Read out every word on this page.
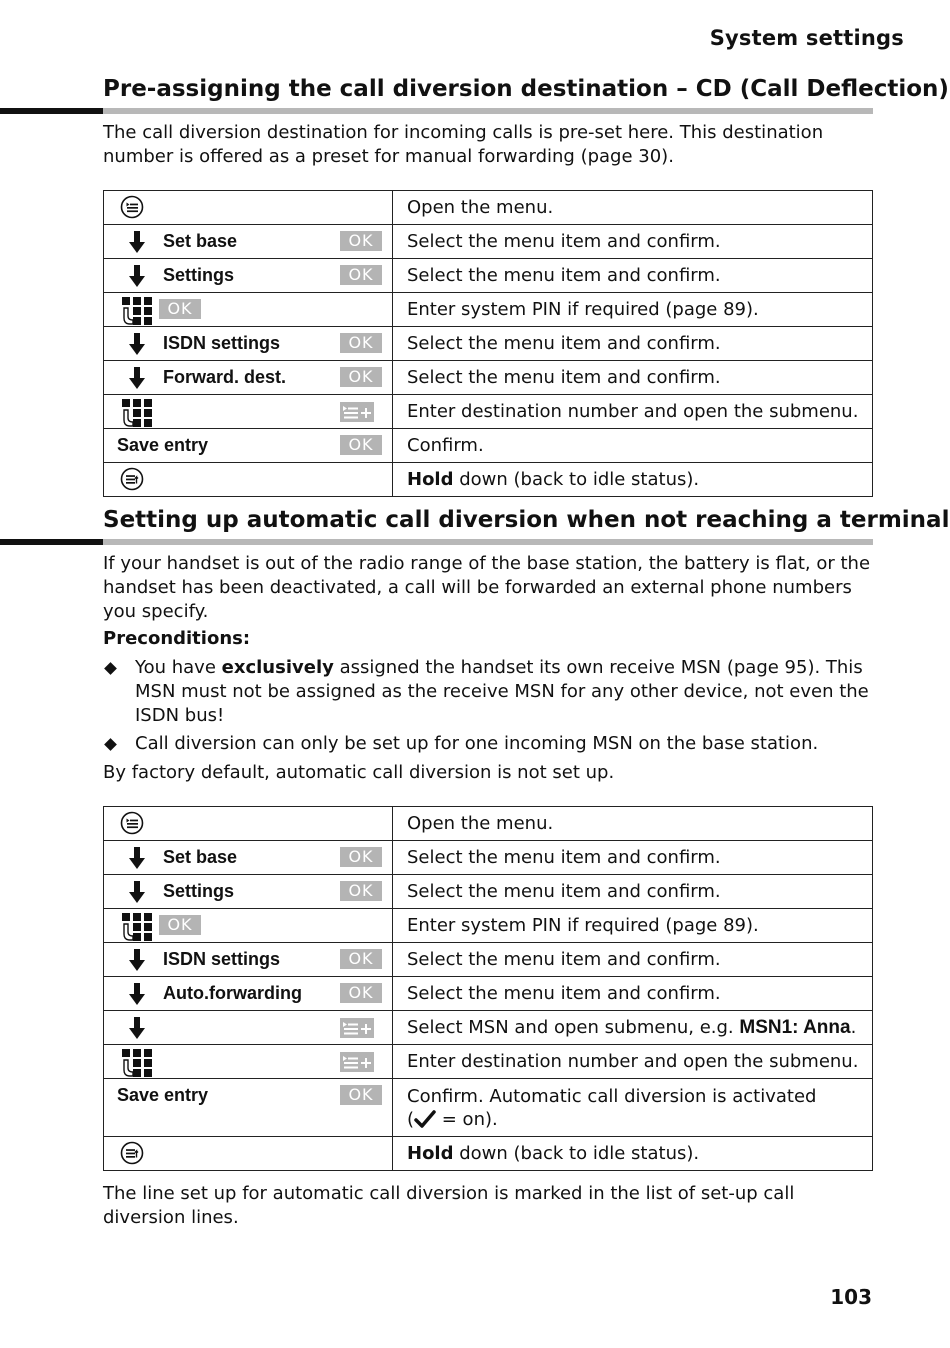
System settings
Pre-assigning the call diversion destination – CD (Call Deflection)

The call diversion destination for incoming calls is pre-set here. This destination number is offered as a preset for manual forwarding (page 30).

	Open the menu.

Set base OK	Select the menu item and confirm.

Settings OK	Select the menu item and confirm.

OK	Enter system PIN if required (page 89).

ISDN settings OK	Select the menu item and confirm.

Forward. dest. OK	Select the menu item and confirm.

	Enter destination number and open the submenu.

Save entry OK	Confirm.

	Hold down (back to idle status).
Setting up automatic call diversion when not reaching a terminal

If your handset is out of the radio range of the base station, the battery is flat, or the handset has been deactivated, a call will be forwarded an external phone numbers you specify.

Preconditions:

You have exclusively assigned the handset its own receive MSN (page 95). This MSN must not be assigned as the receive MSN for any other device, not even the ISDN bus!
Call diversion can only be set up for one incoming MSN on the base station.

By factory default, automatic call diversion is not set up.

	Open the menu.

Set base OK	Select the menu item and confirm.

Settings OK	Select the menu item and confirm.

OK	Enter system PIN if required (page 89).

ISDN settings OK	Select the menu item and confirm.

Auto.forwarding OK	Select the menu item and confirm.

	Select MSN and open submenu, e.g. MSN1: Anna.

	Enter destination number and open the submenu.

Save entry OK	Confirm. Automatic call diversion is activated
( = on).

	Hold down (back to idle status).

The line set up for automatic call diversion is marked in the list of set-up call diversion lines.

103
